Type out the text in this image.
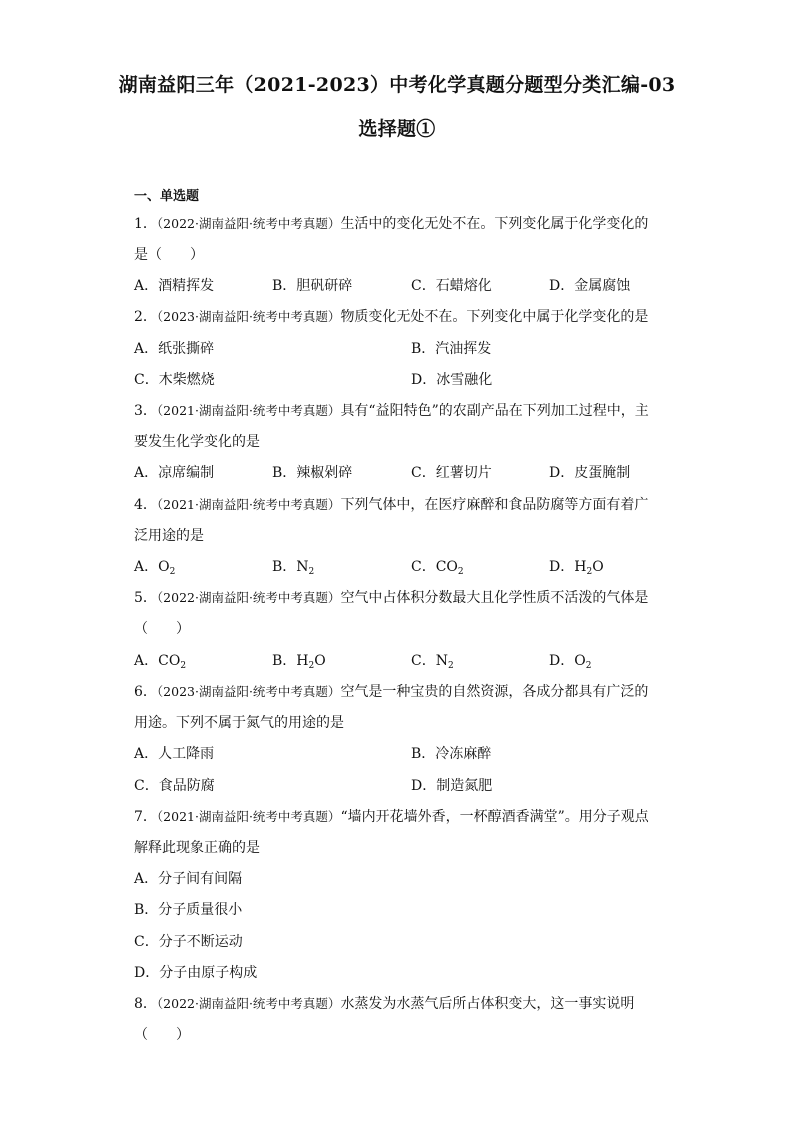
湖南益阳三年（2021-2023）中考化学真题分题型分类汇编-03
选择题①
一、单选题
1．（2022·湖南益阳·统考中考真题）生活中的变化无处不在。下列变化属于化学变化的
是（　　）
A．酒精挥发	B．胆矾研碎	C．石蜡熔化	D．金属腐蚀
2．（2023·湖南益阳·统考中考真题）物质变化无处不在。下列变化中属于化学变化的是
A．纸张撕碎	B．汽油挥发
C．木柴燃烧	D．冰雪融化
3．（2021·湖南益阳·统考中考真题）具有“益阳特色”的农副产品在下列加工过程中，主
要发生化学变化的是
A．凉席编制	B．辣椒剁碎	C．红薯切片	D．皮蛋腌制
4．（2021·湖南益阳·统考中考真题）下列气体中，在医疗麻醉和食品防腐等方面有着广
泛用途的是
A．$O_2$	B．$N_2$	C．$CO_2$	D．$H_2O$
5．（2022·湖南益阳·统考中考真题）空气中占体积分数最大且化学性质不活泼的气体是
（　　）
A．$CO_2$	B．$H_2O$	C．$N_2$	D．$O_2$
6．（2023·湖南益阳·统考中考真题）空气是一种宝贵的自然资源，各成分都具有广泛的
用途。下列不属于氮气的用途的是
A．人工降雨	B．冷冻麻醉
C．食品防腐	D．制造氮肥
7．（2021·湖南益阳·统考中考真题）“墙内开花墙外香，一杯醇酒香满堂”。用分子观点
解释此现象正确的是
A．分子间有间隔
B．分子质量很小
C．分子不断运动
D．分子由原子构成
8．（2022·湖南益阳·统考中考真题）水蒸发为水蒸气后所占体积变大，这一事实说明
（　　）
